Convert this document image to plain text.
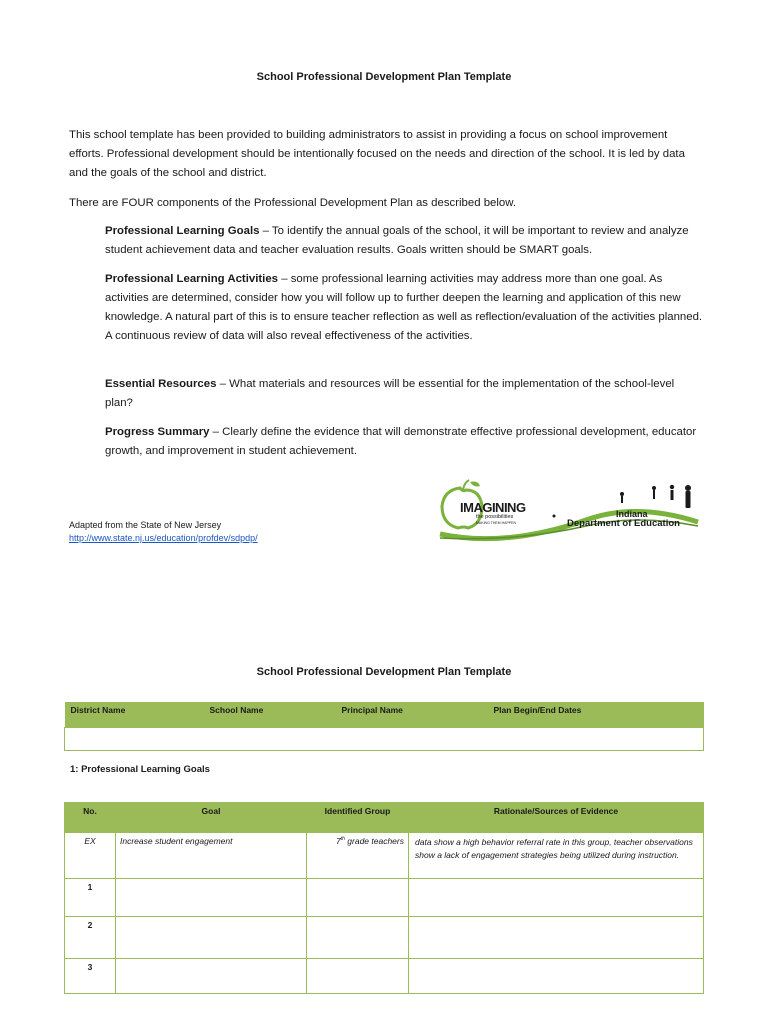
School Professional Development Plan Template
This school template has been provided to building administrators to assist in providing a focus on school improvement efforts. Professional development should be intentionally focused on the needs and direction of the school. It is led by data and the goals of the school and district.
There are FOUR components of the Professional Development Plan as described below.
Professional Learning Goals – To identify the annual goals of the school, it will be important to review and analyze student achievement data and teacher evaluation results. Goals written should be SMART goals.
Professional Learning Activities – some professional learning activities may address more than one goal. As activities are determined, consider how you will follow up to further deepen the learning and application of this new knowledge. A natural part of this is to ensure teacher reflection as well as reflection/evaluation of the activities planned. A continuous review of data will also reveal effectiveness of the activities.
Essential Resources – What materials and resources will be essential for the implementation of the school-level plan?
Progress Summary – Clearly define the evidence that will demonstrate effective professional development, educator growth, and improvement in student achievement.
Adapted from the State of New Jersey
http://www.state.nj.us/education/profdev/sdpdp/
IMAGINING
the possibilities
MAKING THEM HAPPEN
Indiana
Department of Education
School Professional Development Plan Template
District Name	School Name	Principal Name	Plan Begin/End Dates

1: Professional Learning Goals
No.	Goal	Identified Group	Rationale/Sources of Evidence
EX	Increase student engagement	7th grade teachers	data show a high behavior referral rate in this group, teacher observations show a lack of engagement strategies being utilized during instruction.
1			
2			
3			
